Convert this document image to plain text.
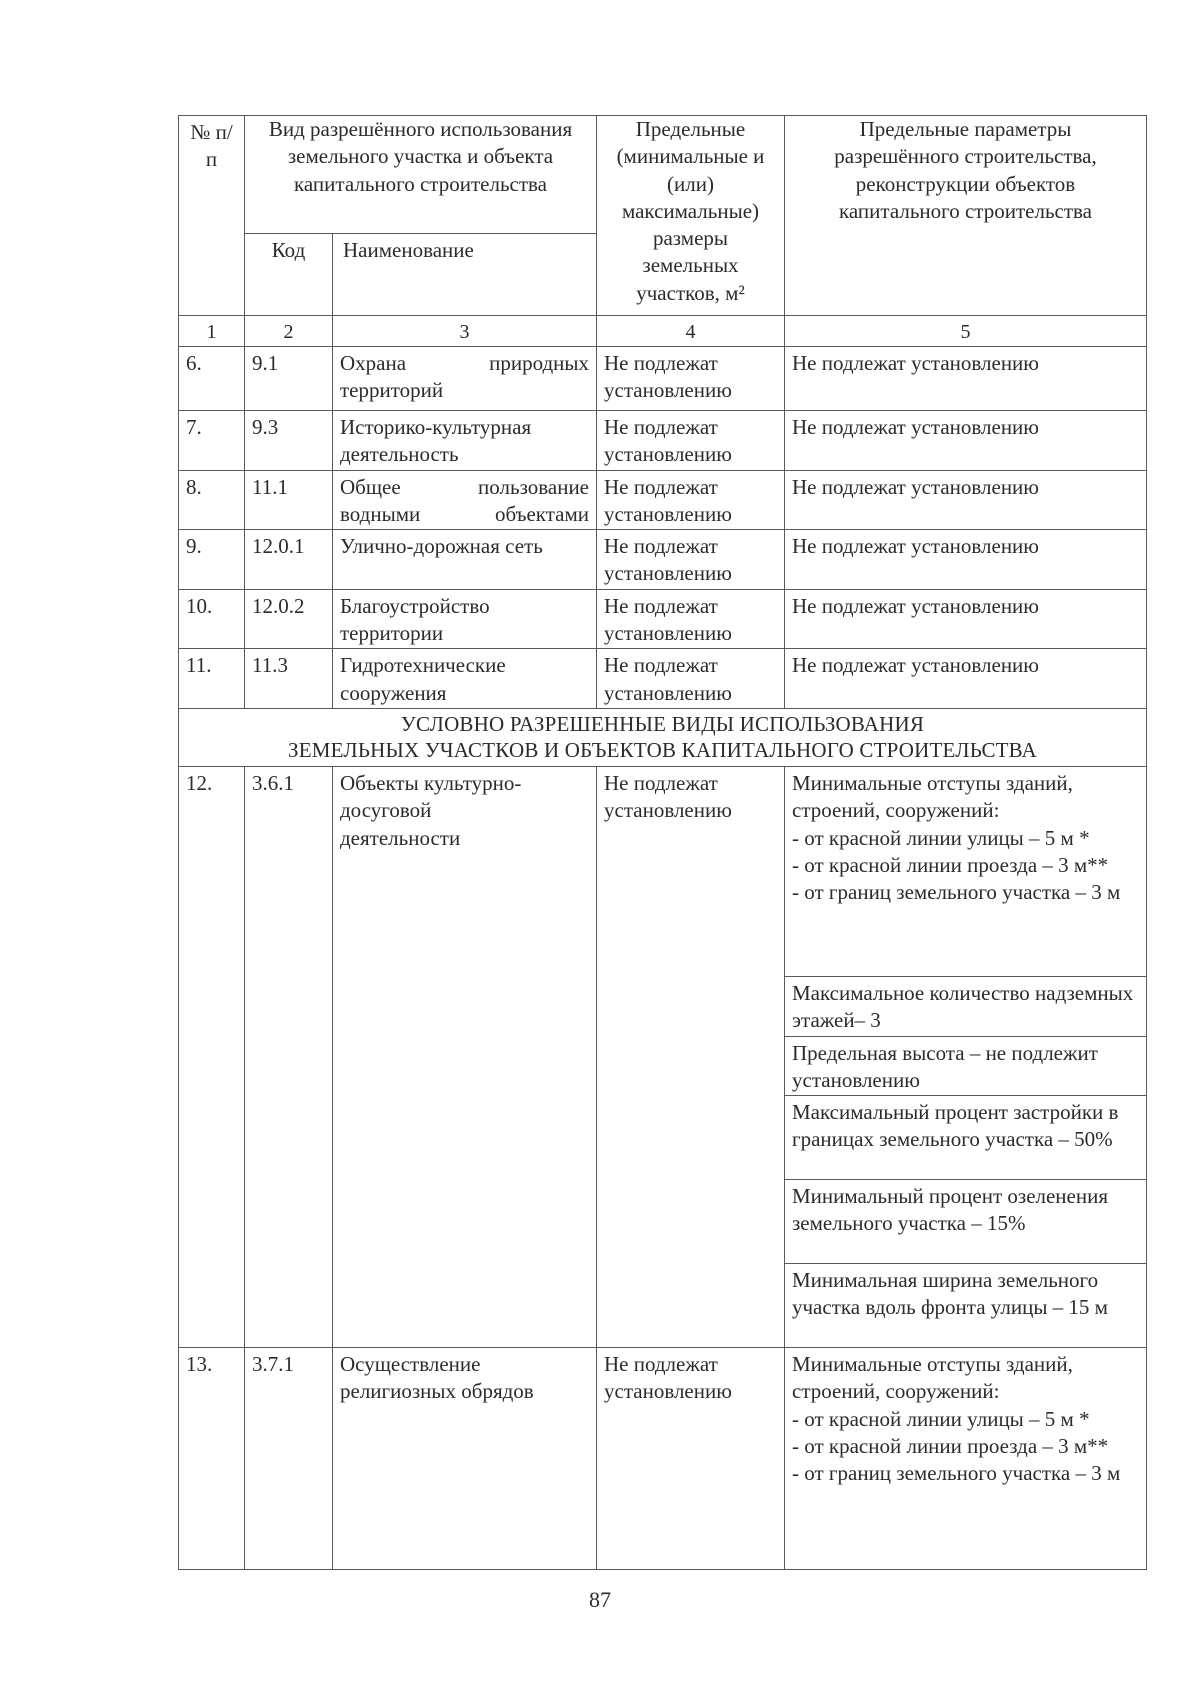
№ п/п	Вид разрешённого использования земельного участка и объекта капитального строительства		Предельные (минимальные и (или) максимальные) размеры земельных участков, м²	Предельные параметры разрешённого строительства, реконструкции объектов капитального строительства
	Код	Наименование		
1	2	3	4	5
6.	9.1	Охрана природных территорий	Не подлежат установлению	Не подлежат установлению
7.	9.3	Историко-культурная деятельность	Не подлежат установлению	Не подлежат установлению
8.	11.1	Общее пользование водными объектами	Не подлежат установлению	Не подлежат установлению
9.	12.0.1	Улично-дорожная сеть	Не подлежат установлению	Не подлежат установлению
10.	12.0.2	Благоустройство территории	Не подлежат установлению	Не подлежат установлению
11.	11.3	Гидротехнические сооружения	Не подлежат установлению	Не подлежат установлению

УСЛОВНО РАЗРЕШЕННЫЕ ВИДЫ ИСПОЛЬЗОВАНИЯ
ЗЕМЕЛЬНЫХ УЧАСТКОВ И ОБЪЕКТОВ КАПИТАЛЬНОГО СТРОИТЕЛЬСТВА				

12.	3.6.1	Объекты культурно-досуговой деятельности	Не подлежат установлению	Минимальные отступы зданий, строений, сооружений:
- от красной линии улицы – 5 м *
- от красной линии проезда – 3 м**
- от границ земельного участка – 3 м

				Максимальное количество надземных этажей– 3
				Предельная высота – не подлежит установлению
				Максимальный процент застройки в границах земельного участка – 50%
				Минимальный процент озеленения земельного участка – 15%
				Минимальная ширина земельного участка вдоль фронта улицы – 15 м
13.	3.7.1	Осуществление религиозных обрядов	Не подлежат установлению	Минимальные отступы зданий, строений, сооружений:
- от красной линии улицы – 5 м *
- от красной линии проезда – 3 м**
- от границ земельного участка – 3 м
87
